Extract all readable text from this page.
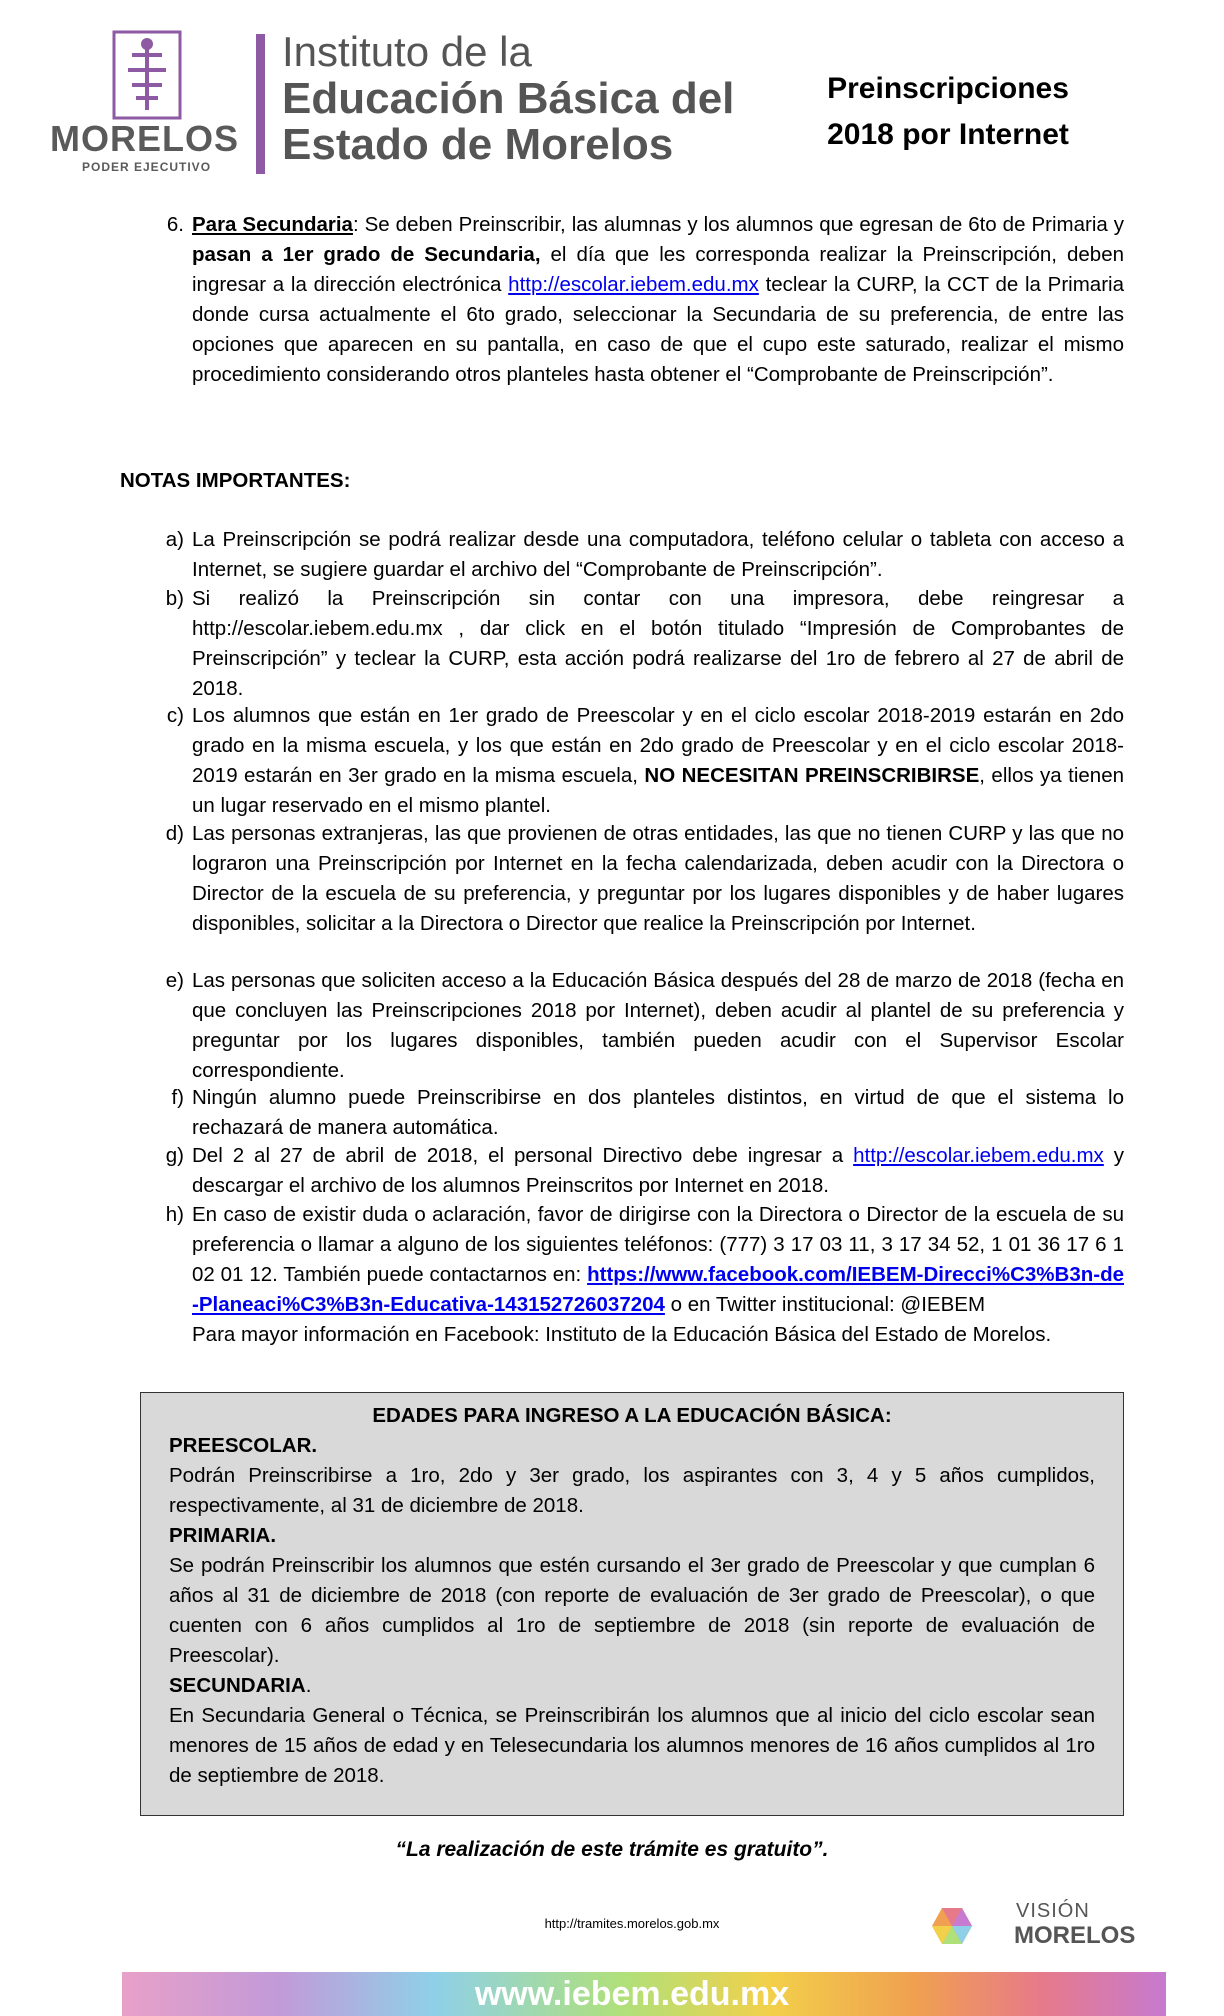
MORELOS
PODER EJECUTIVO
Instituto de la
Educación Básica del
Estado de Morelos
Preinscripciones
2018 por Internet
6. Para Secundaria: Se deben Preinscribir, las alumnas y los alumnos que egresan de 6to de Primaria y pasan a 1er grado de Secundaria, el día que les corresponda realizar la Preinscripción, deben ingresar a la dirección electrónica http://escolar.iebem.edu.mx teclear la CURP, la CCT de la Primaria donde cursa actualmente el 6to grado, seleccionar la Secundaria de su preferencia, de entre las opciones que aparecen en su pantalla, en caso de que el cupo este saturado, realizar el mismo procedimiento considerando otros planteles hasta obtener el “Comprobante de Preinscripción”.
NOTAS IMPORTANTES:
a) La Preinscripción se podrá realizar desde una computadora, teléfono celular o tableta con acceso a Internet, se sugiere guardar el archivo del “Comprobante de Preinscripción”.
b) Si realizó la Preinscripción sin contar con una impresora, debe reingresar a http://escolar.iebem.edu.mx , dar click en el botón titulado “Impresión de Comprobantes de Preinscripción” y teclear la CURP, esta acción podrá realizarse del 1ro de febrero al 27 de abril de 2018.
c) Los alumnos que están en 1er grado de Preescolar y en el ciclo escolar 2018-2019 estarán en 2do grado en la misma escuela, y los que están en 2do grado de Preescolar y en el ciclo escolar 2018-2019 estarán en 3er grado en la misma escuela, NO NECESITAN PREINSCRIBIRSE, ellos ya tienen un lugar reservado en el mismo plantel.
d) Las personas extranjeras, las que provienen de otras entidades, las que no tienen CURP y las que no lograron una Preinscripción por Internet en la fecha calendarizada, deben acudir con la Directora o Director de la escuela de su preferencia, y preguntar por los lugares disponibles y de haber lugares disponibles, solicitar a la Directora o Director que realice la Preinscripción por Internet.
e) Las personas que soliciten acceso a la Educación Básica después del 28 de marzo de 2018 (fecha en que concluyen las Preinscripciones 2018 por Internet), deben acudir al plantel de su preferencia y preguntar por los lugares disponibles, también pueden acudir con el Supervisor Escolar correspondiente.
f) Ningún alumno puede Preinscribirse en dos planteles distintos, en virtud de que el sistema lo rechazará de manera automática.
g) Del 2 al 27 de abril de 2018, el personal Directivo debe ingresar a http://escolar.iebem.edu.mx y descargar el archivo de los alumnos Preinscritos por Internet en 2018.
h) En caso de existir duda o aclaración, favor de dirigirse con la Directora o Director de la escuela de su preferencia o llamar a alguno de los siguientes teléfonos: (777) 3 17 03 11, 3 17 34 52, 1 01 36 17 6 1 02 01 12. También puede contactarnos en: https://www.facebook.com/IEBEM-Direcci%C3%B3n-de-Planeaci%C3%B3n-Educativa-143152726037204 o en Twitter institucional: @IEBEM
Para mayor información en Facebook: Instituto de la Educación Básica del Estado de Morelos.
EDADES PARA INGRESO A LA EDUCACIÓN BÁSICA:
PREESCOLAR.
Podrán Preinscribirse a 1ro, 2do y 3er grado, los aspirantes con 3, 4 y 5 años cumplidos, respectivamente, al 31 de diciembre de 2018.
PRIMARIA.
Se podrán Preinscribir los alumnos que estén cursando el 3er grado de Preescolar y que cumplan 6 años al 31 de diciembre de 2018 (con reporte de evaluación de 3er grado de Preescolar), o que cuenten con 6 años cumplidos al 1ro de septiembre de 2018 (sin reporte de evaluación de Preescolar).
SECUNDARIA.
En Secundaria General o Técnica, se Preinscribirán los alumnos que al inicio del ciclo escolar sean menores de 15 años de edad y en Telesecundaria los alumnos menores de 16 años cumplidos al 1ro de septiembre de 2018.
“La realización de este trámite es gratuito”.
http://tramites.morelos.gob.mx
VISIÓN
MORELOS
www.iebem.edu.mx
